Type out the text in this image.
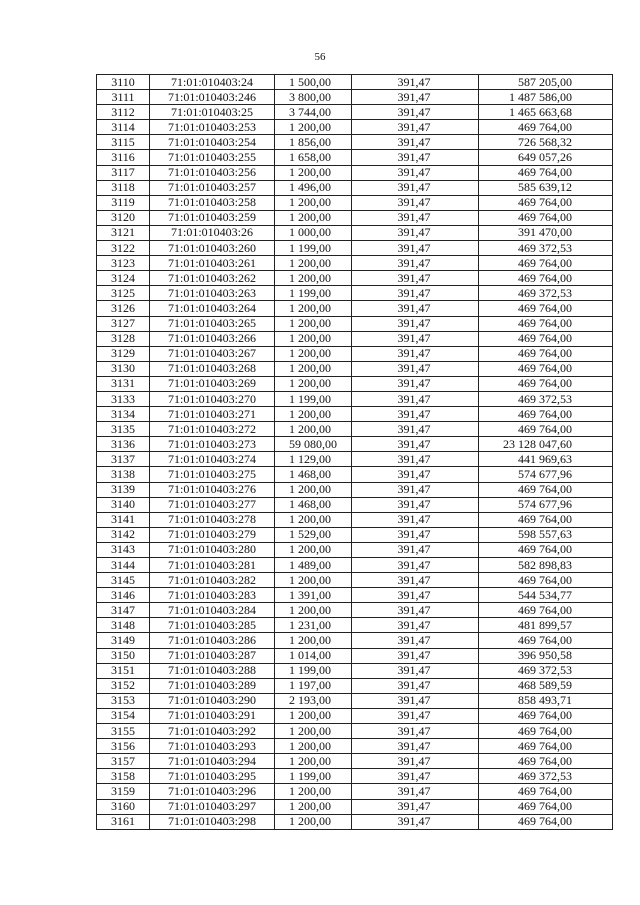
56
3110	71:01:010403:24	1 500,00	391,47	587 205,00
3111	71:01:010403:246	3 800,00	391,47	1 487 586,00
3112	71:01:010403:25	3 744,00	391,47	1 465 663,68
3114	71:01:010403:253	1 200,00	391,47	469 764,00
3115	71:01:010403:254	1 856,00	391,47	726 568,32
3116	71:01:010403:255	1 658,00	391,47	649 057,26
3117	71:01:010403:256	1 200,00	391,47	469 764,00
3118	71:01:010403:257	1 496,00	391,47	585 639,12
3119	71:01:010403:258	1 200,00	391,47	469 764,00
3120	71:01:010403:259	1 200,00	391,47	469 764,00
3121	71:01:010403:26	1 000,00	391,47	391 470,00
3122	71:01:010403:260	1 199,00	391,47	469 372,53
3123	71:01:010403:261	1 200,00	391,47	469 764,00
3124	71:01:010403:262	1 200,00	391,47	469 764,00
3125	71:01:010403:263	1 199,00	391,47	469 372,53
3126	71:01:010403:264	1 200,00	391,47	469 764,00
3127	71:01:010403:265	1 200,00	391,47	469 764,00
3128	71:01:010403:266	1 200,00	391,47	469 764,00
3129	71:01:010403:267	1 200,00	391,47	469 764,00
3130	71:01:010403:268	1 200,00	391,47	469 764,00
3131	71:01:010403:269	1 200,00	391,47	469 764,00
3133	71:01:010403:270	1 199,00	391,47	469 372,53
3134	71:01:010403:271	1 200,00	391,47	469 764,00
3135	71:01:010403:272	1 200,00	391,47	469 764,00
3136	71:01:010403:273	59 080,00	391,47	23 128 047,60
3137	71:01:010403:274	1 129,00	391,47	441 969,63
3138	71:01:010403:275	1 468,00	391,47	574 677,96
3139	71:01:010403:276	1 200,00	391,47	469 764,00
3140	71:01:010403:277	1 468,00	391,47	574 677,96
3141	71:01:010403:278	1 200,00	391,47	469 764,00
3142	71:01:010403:279	1 529,00	391,47	598 557,63
3143	71:01:010403:280	1 200,00	391,47	469 764,00
3144	71:01:010403:281	1 489,00	391,47	582 898,83
3145	71:01:010403:282	1 200,00	391,47	469 764,00
3146	71:01:010403:283	1 391,00	391,47	544 534,77
3147	71:01:010403:284	1 200,00	391,47	469 764,00
3148	71:01:010403:285	1 231,00	391,47	481 899,57
3149	71:01:010403:286	1 200,00	391,47	469 764,00
3150	71:01:010403:287	1 014,00	391,47	396 950,58
3151	71:01:010403:288	1 199,00	391,47	469 372,53
3152	71:01:010403:289	1 197,00	391,47	468 589,59
3153	71:01:010403:290	2 193,00	391,47	858 493,71
3154	71:01:010403:291	1 200,00	391,47	469 764,00
3155	71:01:010403:292	1 200,00	391,47	469 764,00
3156	71:01:010403:293	1 200,00	391,47	469 764,00
3157	71:01:010403:294	1 200,00	391,47	469 764,00
3158	71:01:010403:295	1 199,00	391,47	469 372,53
3159	71:01:010403:296	1 200,00	391,47	469 764,00
3160	71:01:010403:297	1 200,00	391,47	469 764,00
3161	71:01:010403:298	1 200,00	391,47	469 764,00
